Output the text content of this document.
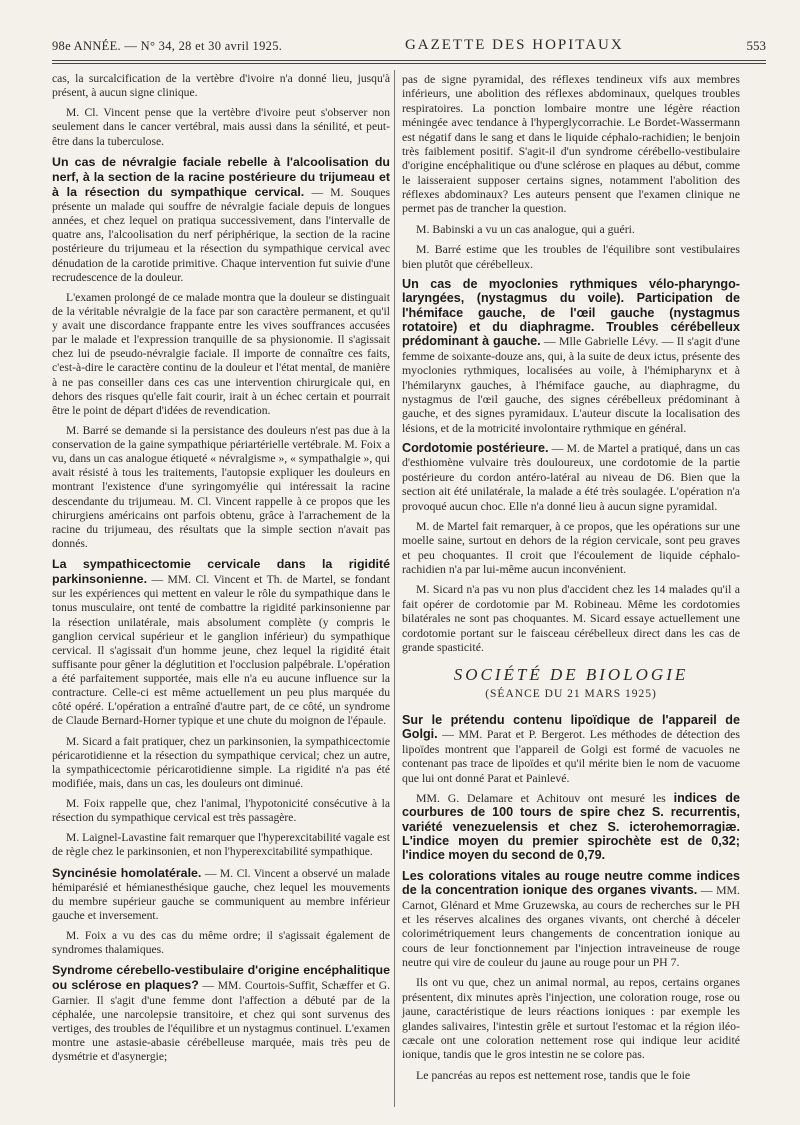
98e ANNÉE. — N° 34, 28 et 30 avril 1925.	GAZETTE DES HOPITAUX	553

cas, la surcalcification de la vertèbre d'ivoire n'a donné lieu, jusqu'à présent, à aucun signe clinique.

M. Cl. Vincent pense que la vertèbre d'ivoire peut s'observer non seulement dans le cancer vertébral, mais aussi dans la sénilité, et peut-être dans la tuberculose.

Un cas de névralgie faciale rebelle à l'alcoolisation du nerf, à la section de la racine postérieure du trijumeau et à la résection du sympathique cervical. — M. Souques présente un malade qui souffre de névralgie faciale depuis de longues années, et chez lequel on pratiqua successivement, dans l'intervalle de quatre ans, l'alcoolisation du nerf périphérique, la section de la racine postérieure du trijumeau et la résection du sympathique cervical avec dénudation de la carotide primitive. Chaque intervention fut suivie d'une recrudescence de la douleur.

L'examen prolongé de ce malade montra que la douleur se distinguait de la véritable névralgie de la face par son caractère permanent, et qu'il y avait une discordance frappante entre les vives souffrances accusées par le malade et l'expression tranquille de sa physionomie. Il s'agissait chez lui de pseudo-névralgie faciale. Il importe de connaître ces faits, c'est-à-dire le caractère continu de la douleur et l'état mental, de manière à ne pas conseiller dans ces cas une intervention chirurgicale qui, en dehors des risques qu'elle fait courir, irait à un échec certain et pourrait être le point de départ d'idées de revendication.

M. Barré se demande si la persistance des douleurs n'est pas due à la conservation de la gaine sympathique périartérielle vertébrale. M. Foix a vu, dans un cas analogue étiqueté « névralgisme », « sympathalgie », qui avait résisté à tous les traitements, l'autopsie expliquer les douleurs en montrant l'existence d'une syringomyélie qui intéressait la racine descendante du trijumeau. M. Cl. Vincent rappelle à ce propos que les chirurgiens américains ont parfois obtenu, grâce à l'arrachement de la racine du trijumeau, des résultats que la simple section n'avait pas donnés.

La sympathicectomie cervicale dans la rigidité parkinsonienne. — MM. Cl. Vincent et Th. de Martel, se fondant sur les expériences qui mettent en valeur le rôle du sympathique dans le tonus musculaire, ont tenté de combattre la rigidité parkinsonienne par la résection unilatérale, mais absolument complète (y compris le ganglion cervical supérieur et le ganglion inférieur) du sympathique cervical. Il s'agissait d'un homme jeune, chez lequel la rigidité était suffisante pour gêner la déglutition et l'occlusion palpébrale. L'opération a été parfaitement supportée, mais elle n'a eu aucune influence sur la contracture. Celle-ci est même actuellement un peu plus marquée du côté opéré. L'opération a entraîné d'autre part, de ce côté, un syndrome de Claude Bernard-Horner typique et une chute du moignon de l'épaule.

M. Sicard a fait pratiquer, chez un parkinsonien, la sympathicectomie péricarotidienne et la résection du sympathique cervical; chez un autre, la sympathicectomie péricarotidienne simple. La rigidité n'a pas été modifiée, mais, dans un cas, les douleurs ont diminué.

M. Foix rappelle que, chez l'animal, l'hypotonicité consécutive à la résection du sympathique cervical est très passagère.

M. Laignel-Lavastine fait remarquer que l'hyperexcitabilité vagale est de règle chez le parkinsonien, et non l'hyperexcitabilité sympathique.

Syncinésie homolatérale. — M. Cl. Vincent a observé un malade hémiparésié et hémianesthésique gauche, chez lequel les mouvements du membre supérieur gauche se communiquent au membre inférieur gauche et inversement.

M. Foix a vu des cas du même ordre; il s'agissait également de syndromes thalamiques.

Syndrome cérebello-vestibulaire d'origine encéphalitique ou sclérose en plaques? — MM. Courtois-Suffit, Schæffer et G. Garnier. Il s'agit d'une femme dont l'affection a débuté par de la céphalée, une narcolepsie transitoire, et chez qui sont survenus des vertiges, des troubles de l'équilibre et un nystagmus continuel. L'examen montre une astasie-abasie cérébelleuse marquée, mais très peu de dysmétrie et d'asynergie;

pas de signe pyramidal, des réflexes tendineux vifs aux membres inférieurs, une abolition des réflexes abdominaux, quelques troubles respiratoires. La ponction lombaire montre une légère réaction méningée avec tendance à l'hyperglycorrachie. Le Bordet-Wassermann est négatif dans le sang et dans le liquide céphalo-rachidien; le benjoin très faiblement positif. S'agit-il d'un syndrome cérébello-vestibulaire d'origine encéphalitique ou d'une sclérose en plaques au début, comme le laisseraient supposer certains signes, notamment l'abolition des réflexes abdominaux? Les auteurs pensent que l'examen clinique ne permet pas de trancher la question.

M. Babinski a vu un cas analogue, qui a guéri.

M. Barré estime que les troubles de l'équilibre sont vestibulaires bien plutôt que cérébelleux.

Un cas de myoclonies rythmiques vélo-pharyngo-laryngées, (nystagmus du voile). Participation de l'hémiface gauche, de l'œil gauche (nystagmus rotatoire) et du diaphragme. Troubles cérébelleux prédominant à gauche. — Mlle Gabrielle Lévy. — Il s'agit d'une femme de soixante-douze ans, qui, à la suite de deux ictus, présente des myoclonies rythmiques, localisées au voile, à l'hémipharynx et à l'hémilarynx gauches, à l'hémiface gauche, au diaphragme, du nystagmus de l'œil gauche, des signes cérébelleux prédominant à gauche, et des signes pyramidaux. L'auteur discute la localisation des lésions, et de la motricité involontaire rythmique en général.

Cordotomie postérieure. — M. de Martel a pratiqué, dans un cas d'esthiomène vulvaire très douloureux, une cordotomie de la partie postérieure du cordon antéro-latéral au niveau de D6. Bien que la section ait été unilatérale, la malade a été très soulagée. L'opération n'a provoqué aucun choc. Elle n'a donné lieu à aucun signe pyramidal.

M. de Martel fait remarquer, à ce propos, que les opérations sur une moelle saine, surtout en dehors de la région cervicale, sont peu graves et peu choquantes. Il croit que l'écoulement de liquide céphalo-rachidien n'a par lui-même aucun inconvénient.

M. Sicard n'a pas vu non plus d'accident chez les 14 malades qu'il a fait opérer de cordotomie par M. Robineau. Même les cordotomies bilatérales ne sont pas choquantes. M. Sicard essaye actuellement une cordotomie portant sur le faisceau cérébelleux direct dans les cas de grande spasticité.

SOCIÉTÉ DE BIOLOGIE
(SÉANCE DU 21 MARS 1925)

Sur le prétendu contenu lipoïdique de l'appareil de Golgi. — MM. Parat et P. Bergerot. Les méthodes de détection des lipoïdes montrent que l'appareil de Golgi est formé de vacuoles ne contenant pas trace de lipoïdes et qu'il mérite bien le nom de vacuome que lui ont donné Parat et Painlevé.

MM. G. Delamare et Achitouv ont mesuré les indices de courbures de 100 tours de spire chez S. recurrentis, variété venezuelensis et chez S. icterohemorragiæ. L'indice moyen du premier spirochète est de 0,32; l'indice moyen du second de 0,79.

Les colorations vitales au rouge neutre comme indices de la concentration ionique des organes vivants. — MM. Carnot, Glénard et Mme Gruzewska, au cours de recherches sur le PH et les réserves alcalines des organes vivants, ont cherché à déceler colorimétriquement leurs changements de concentration ionique au cours de leur fonctionnement par l'injection intraveineuse de rouge neutre qui vire de couleur du jaune au rouge pour un PH 7.

Ils ont vu que, chez un animal normal, au repos, certains organes présentent, dix minutes après l'injection, une coloration rouge, rose ou jaune, caractéristique de leurs réactions ioniques : par exemple les glandes salivaires, l'intestin grêle et surtout l'estomac et la région iléo-cæcale ont une coloration nettement rose qui indique leur acidité ionique, tandis que le gros intestin ne se colore pas.

Le pancréas au repos est nettement rose, tandis que le foie
